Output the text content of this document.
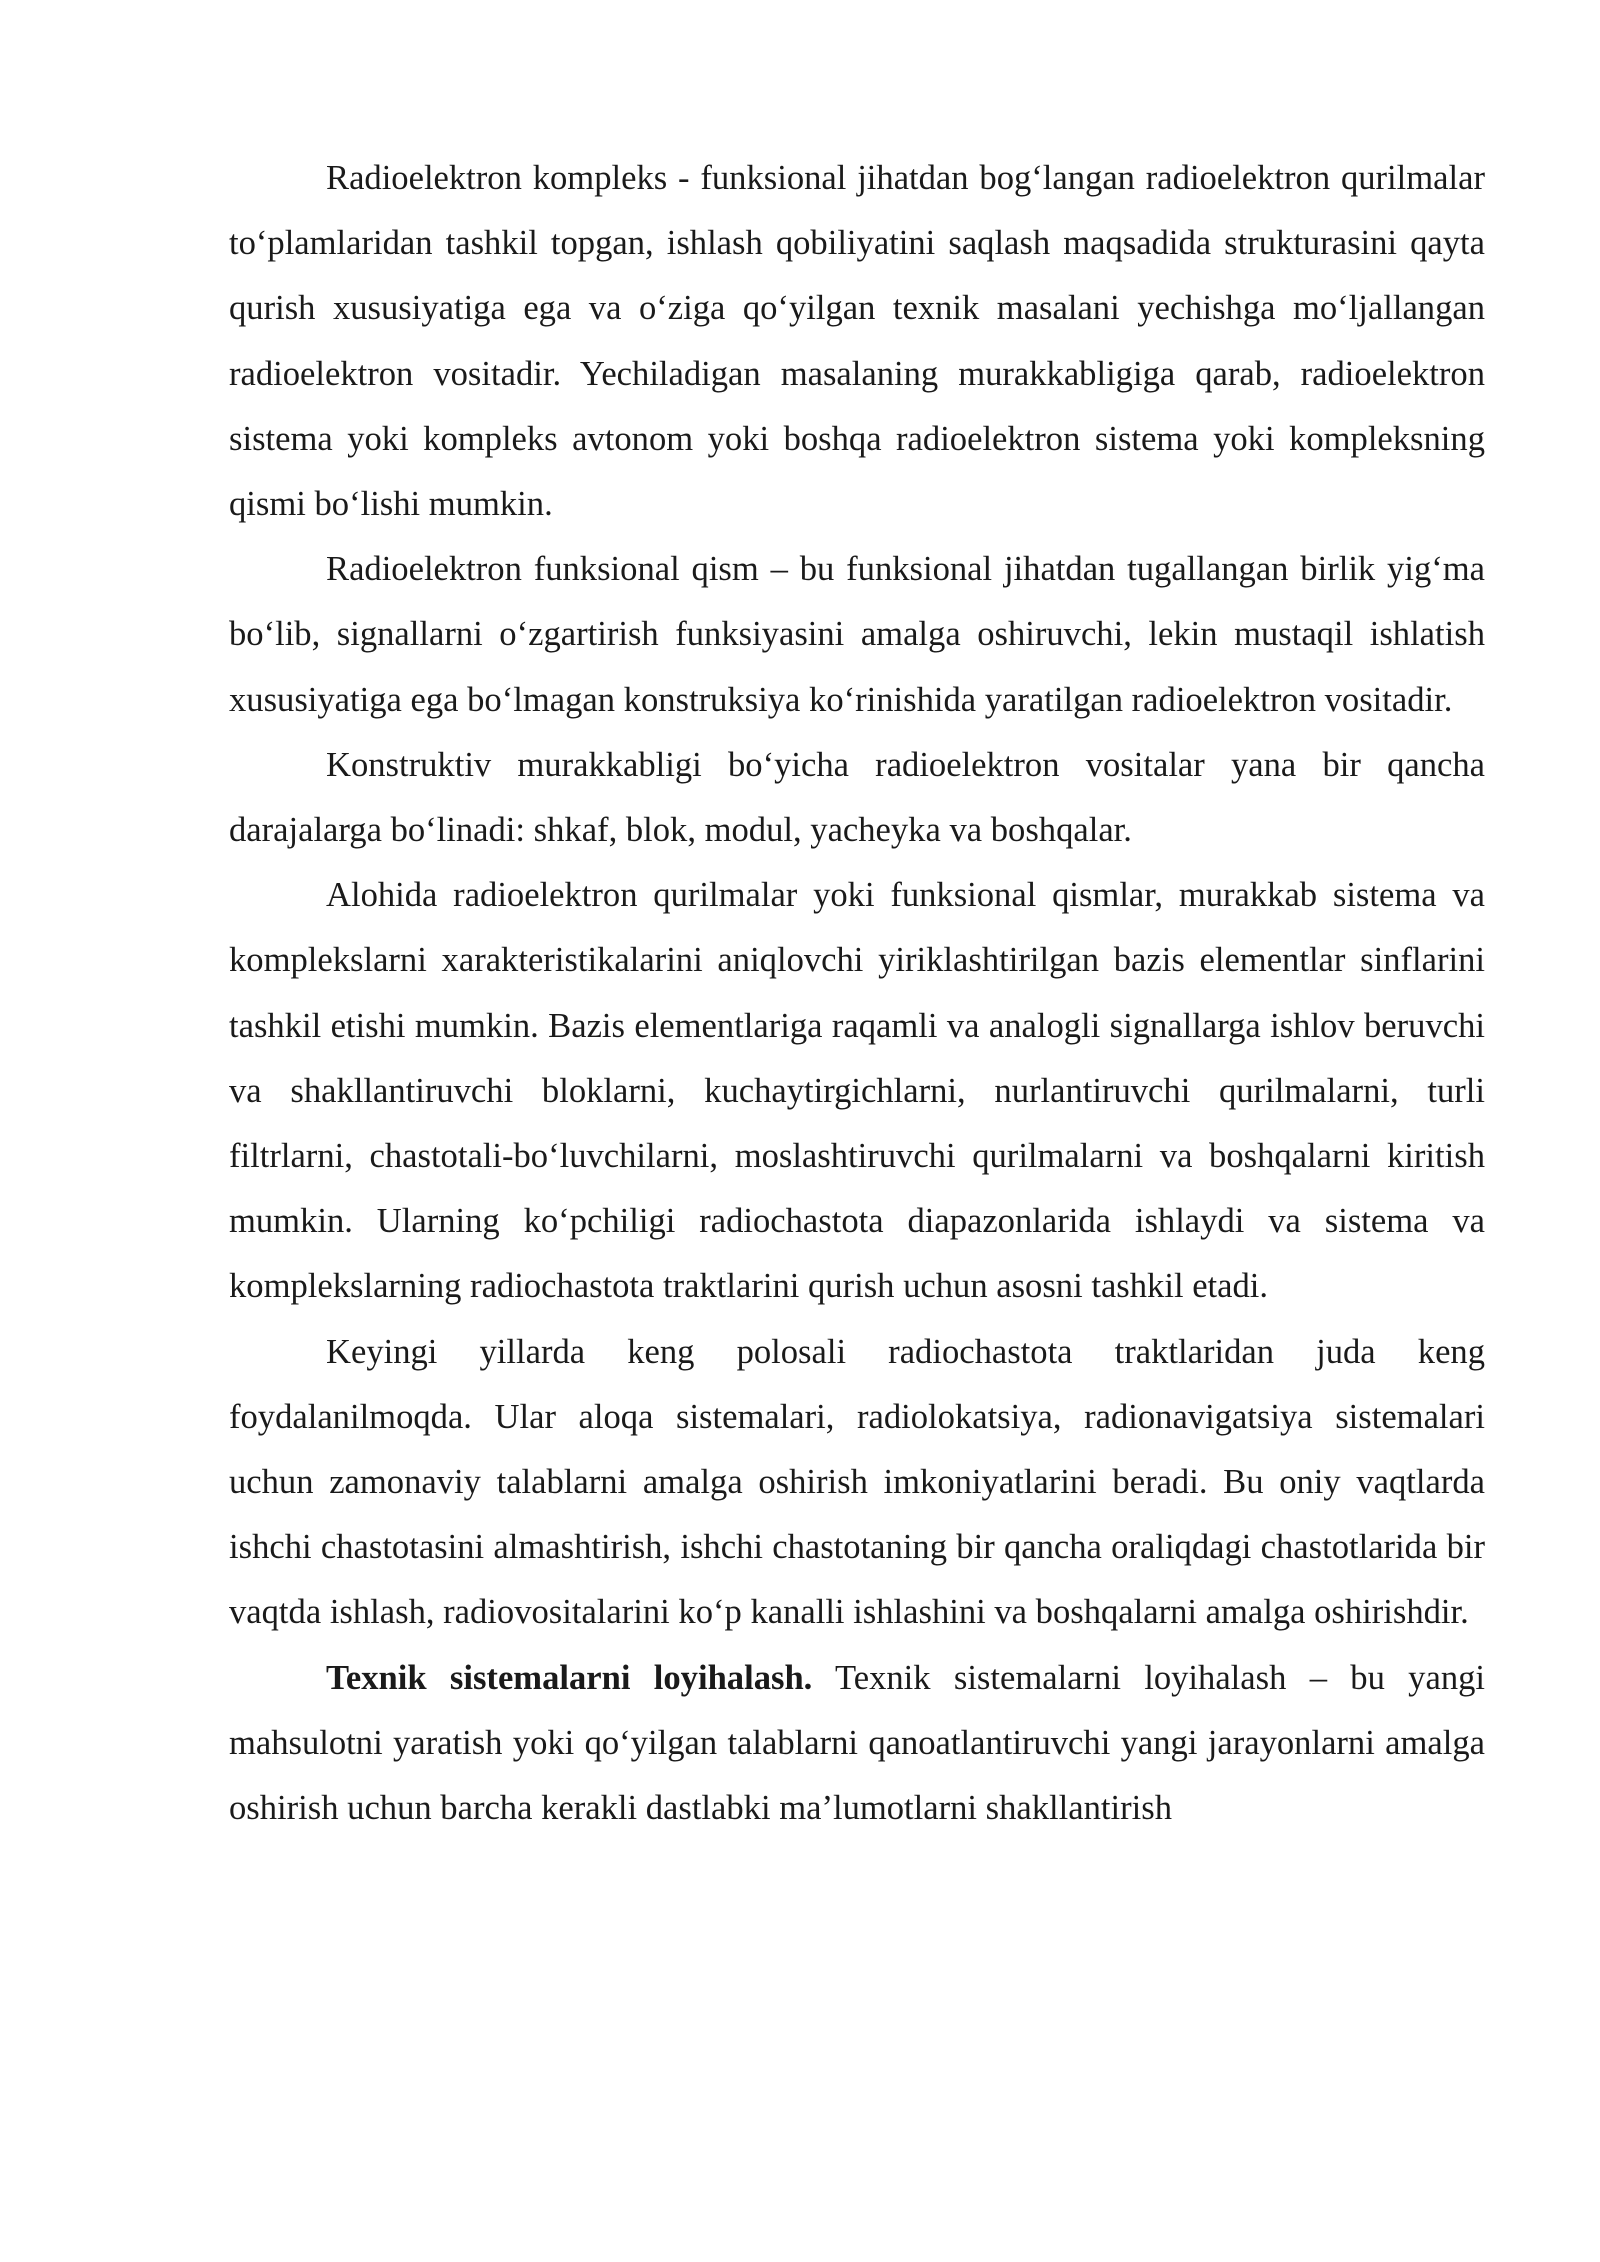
Radioelektron kompleks - funksional jihatdan bog‘langan radioelektron qurilmalar to‘plamlaridan tashkil topgan, ishlash qobiliyatini saqlash maqsadida strukturasini qayta qurish xususiyatiga ega va o‘ziga qo‘yilgan texnik masalani yechishga mo‘ljallangan radioelektron vositadir. Yechiladigan masalaning murakkabligiga qarab, radioelektron sistema yoki kompleks avtonom yoki boshqa radioelektron sistema yoki kompleksning qismi bo‘lishi mumkin.

Radioelektron funksional qism – bu funksional jihatdan tugallangan birlik yig‘ma bo‘lib, signallarni o‘zgartirish funksiyasini amalga oshiruvchi, lekin mustaqil ishlatish xususiyatiga ega bo‘lmagan konstruksiya ko‘rinishida yaratilgan radioelektron vositadir.

Konstruktiv murakkabligi bo‘yicha radioelektron vositalar yana bir qancha darajalarga bo‘linadi: shkaf, blok, modul, yacheyka va boshqalar.

Alohida radioelektron qurilmalar yoki funksional qismlar, murakkab sistema va komplekslarni xarakteristikalarini aniqlovchi yiriklashtirilgan bazis elementlar sinflarini tashkil etishi mumkin. Bazis elementlariga raqamli va analogli signallarga ishlov beruvchi va shakllantiruvchi bloklarni, kuchaytirgichlarni, nurlantiruvchi qurilmalarni, turli filtrlarni, chastotali-bo‘luvchilarni, moslashtiruvchi qurilmalarni va boshqalarni kiritish mumkin. Ularning ko‘pchiligi radiochastota diapazonlarida ishlaydi va sistema va komplekslarning radiochastota traktlarini qurish uchun asosni tashkil etadi.

Keyingi yillarda keng polosali radiochastota traktlaridan juda keng foydalanilmoqda. Ular aloqa sistemalari, radiolokatsiya, radionavigatsiya sistemalari uchun zamonaviy talablarni amalga oshirish imkoniyatlarini beradi. Bu oniy vaqtlarda ishchi chastotasini almashtirish, ishchi chastotaning bir qancha oraliqdagi chastotlarida bir vaqtda ishlash, radiovositalarini ko‘p kanalli ishlashini va boshqalarni amalga oshirishdir.

Texnik sistemalarni loyihalash. Texnik sistemalarni loyihalash – bu yangi mahsulotni yaratish yoki qo‘yilgan talablarni qanoatlantiruvchi yangi jarayonlarni amalga oshirish uchun barcha kerakli dastlabki ma’lumotlarni shakllantirish
